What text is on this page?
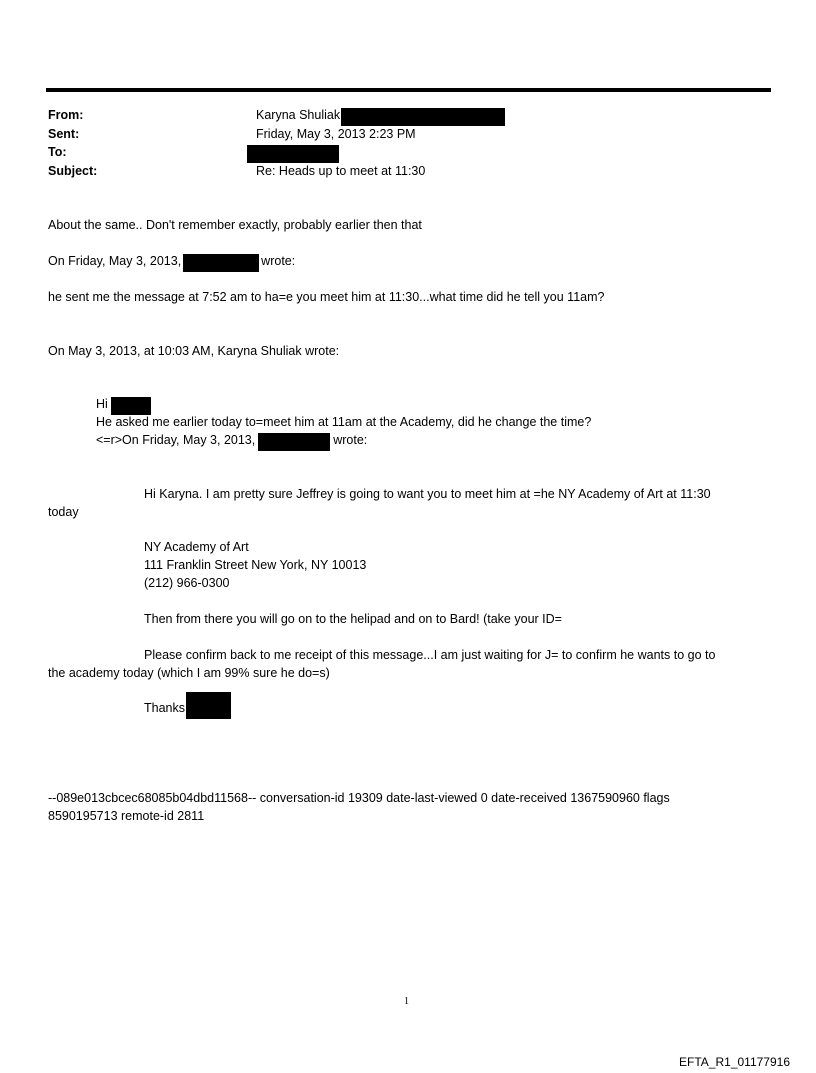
From:	Karyna Shuliak
Sent:	Friday, May 3, 2013 2:23 PM
To:
Subject:	Re: Heads up to meet at 11:30
About the same.. Don't remember exactly, probably earlier then that
On Friday, May 3, 2013,	wrote:
he sent me the message at 7:52 am to ha=e you meet him at 11:30...what time did he tell you 11am?
On May 3, 2013, at 10:03 AM, Karyna Shuliak wrote:
Hi
He asked me earlier today to=meet him at 11am at the Academy, did he change the time?
<=r>On Friday, May 3, 2013,	wrote:
Hi Karyna. I am pretty sure Jeffrey is going to want you to meet him at =he NY Academy of Art at 11:30
today
NY Academy of Art
111 Franklin Street New York, NY 10013
(212) 966-0300
Then from there you will go on to the helipad and on to Bard! (take your ID=
Please confirm back to me receipt of this message...I am just waiting for J= to confirm he wants to go to
the academy today (which I am 99% sure he do=s)
Thanks
--089e013cbcec68085b04dbd11568-- conversation-id 19309 date-last-viewed 0 date-received 1367590960 flags
8590195713 remote-id 2811
1
EFTA_R1_01177916
